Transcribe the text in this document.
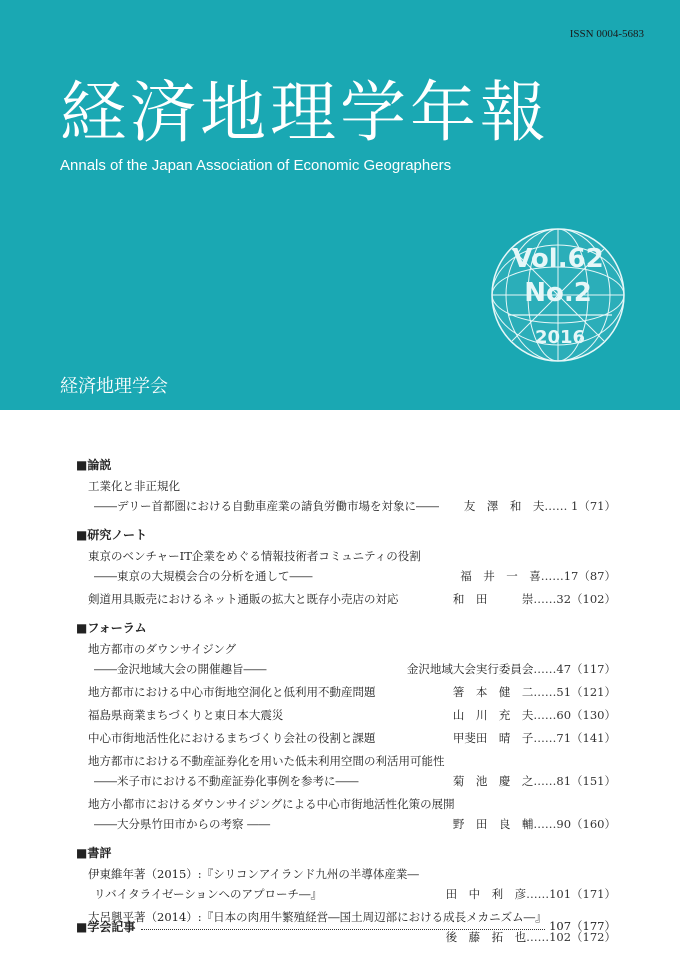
ISSN 0004-5683
経済地理学年報
Annals of the Japan Association of Economic Geographers
Vol.62
No.2
2016
経済地理学会
■ 論説
工業化と非正規化
――デリー首都圏における自動車産業の請負労働市場を対象に―― 友　澤　和　夫 …… 1（71）
■ 研究ノート
東京のベンチャーIT企業をめぐる情報技術者コミュニティの役割
――東京の大規模会合の分析を通して――	福　井　一　喜 ……17（87）
剣道用具販売におけるネット通販の拡大と既存小売店の対応	和　田　　　崇 ……32（102）
■ フォーラム
地方都市のダウンサイジング
――金沢地域大会の開催趣旨――	金沢地域大会実行委員会 ……47（117）
地方都市における中心市街地空洞化と低利用不動産問題	箸　本　健　二 ……51（121）
福島県商業まちづくりと東日本大震災	山　川　充　夫 ……60（130）
中心市街地活性化におけるまちづくり会社の役割と課題	甲斐田　晴　子 ……71（141）
地方都市における不動産証券化を用いた低未利用空間の利活用可能性
――米子市における不動産証券化事例を参考に――	菊　池　慶　之 ……81（151）
地方小都市におけるダウンサイジングによる中心市街地活性化策の展開
――大分県竹田市からの考察 ――	野　田　良　輔 ……90（160）
■ 書評
伊東維年著（2015）:『シリコンアイランド九州の半導体産業―
リバイタライゼーションへのアプローチ―』	田　中　利　彦 ……101（171）
大呂興平著（2014）:『日本の肉用牛繁殖経営―国土周辺部における成長メカニズム―』
後　藤　拓　也 ……102（172）
■ 学会記事	107（177）
